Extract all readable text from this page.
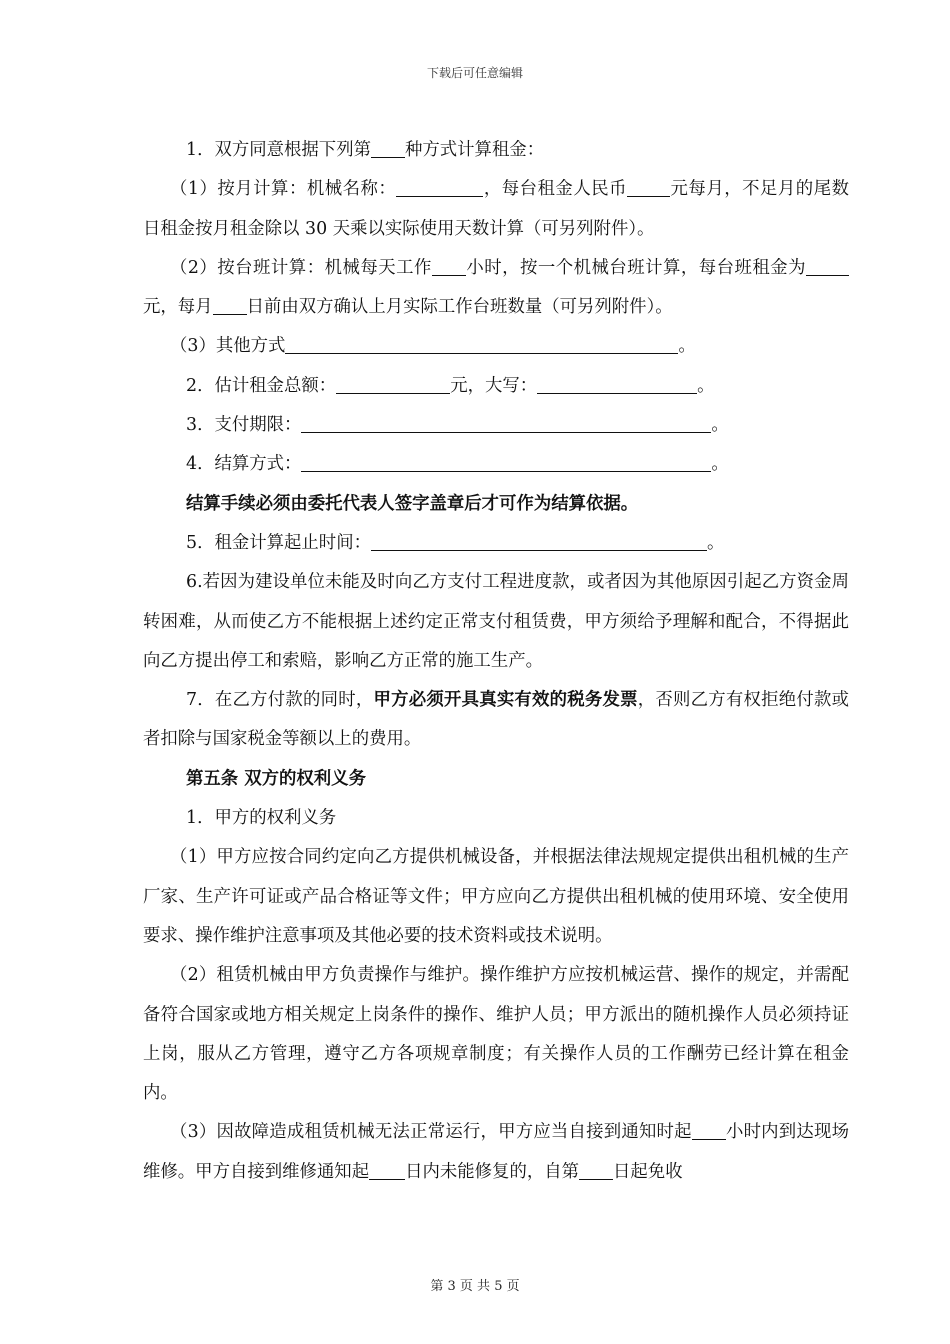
下载后可任意编辑

1．双方同意根据下列第 种方式计算租金：

（1）按月计算：机械名称：	，每台租金人民币 元每月，不足月的尾数日租金按月租金除以 30 天乘以实际使用天数计算（可另列附件）。

（2）按台班计算：机械每天工作 小时，按一个机械台班计算，每台班租金为元，每月 日前由双方确认上月实际工作台班数量（可另列附件）。

（3）其他方式	。

2．估计租金总额：	元，大写：	。

3．支付期限：	。

4．结算方式：	。

结算手续必须由委托代表人签字盖章后才可作为结算依据。

5．租金计算起止时间：	。

6.若因为建设单位未能及时向乙方支付工程进度款，或者因为其他原因引起乙方资金周转困难，从而使乙方不能根据上述约定正常支付租赁费，甲方须给予理解和配合，不得据此向乙方提出停工和索赔，影响乙方正常的施工生产。

7．在乙方付款的同时，甲方必须开具真实有效的税务发票，否则乙方有权拒绝付款或者扣除与国家税金等额以上的费用。

第五条 双方的权利义务

1．甲方的权利义务

（1）甲方应按合同约定向乙方提供机械设备，并根据法律法规规定提供出租机械的生产厂家、生产许可证或产品合格证等文件；甲方应向乙方提供出租机械的使用环境、安全使用要求、操作维护注意事项及其他必要的技术资料或技术说明。

（2）租赁机械由甲方负责操作与维护。操作维护方应按机械运营、操作的规定，并需配备符合国家或地方相关规定上岗条件的操作、维护人员；甲方派出的随机操作人员必须持证上岗，服从乙方管理，遵守乙方各项规章制度；有关操作人员的工作酬劳已经计算在租金内。

（3）因故障造成租赁机械无法正常运行，甲方应当自接到通知时起 小时内到达现场维修。甲方自接到维修通知起 日内未能修复的，自第 日起免收

第 3 页 共 5 页
